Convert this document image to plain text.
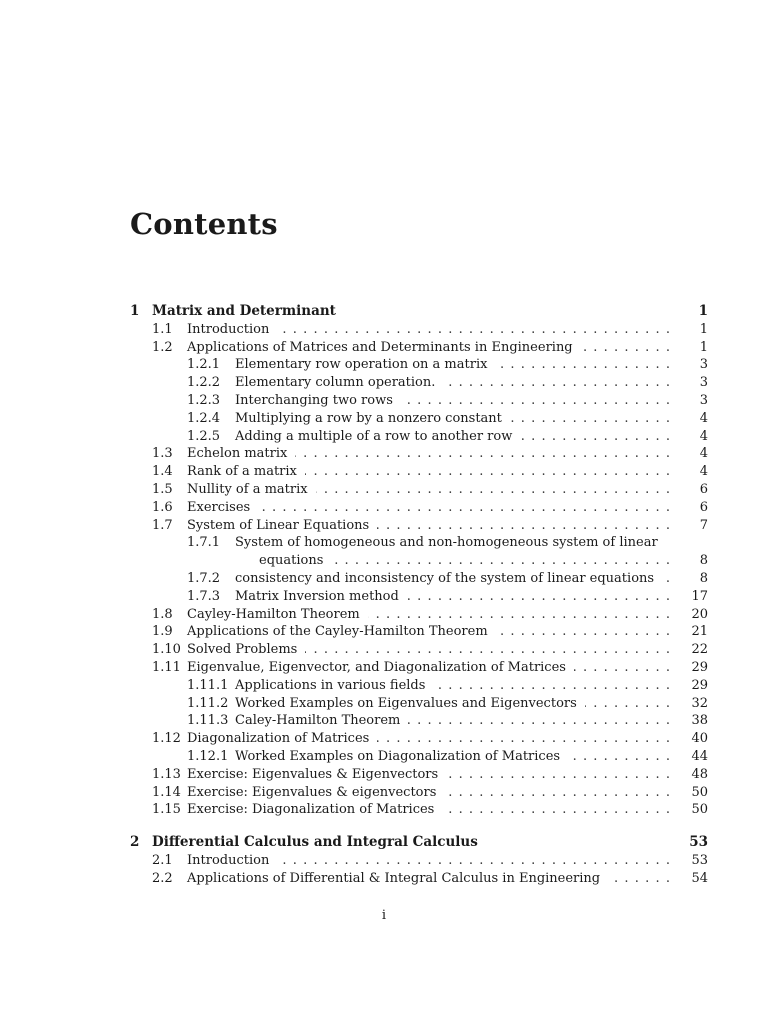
Contents
1 Matrix and Determinant	1
1.1 Introduction . . .	1
1.2 Applications of Matrices and Determinants in Engineering . . .	1
1.2.1 Elementary row operation on a matrix . . .	3
1.2.2 Elementary column operation. . . .	3
1.2.3 Interchanging two rows . . .	3
1.2.4 Multiplying a row by a nonzero constant . . .	4
1.2.5 Adding a multiple of a row to another row . . .	4
1.3 Echelon matrix . . .	4
1.4 Rank of a matrix . . .	4
1.5 Nullity of a matrix . . .	6
1.6 Exercises . . .	6
1.7 System of Linear Equations . . .	7
1.7.1 System of homogeneous and non-homogeneous system of linear
equations . . .	8
1.7.2 consistency and inconsistency of the system of linear equations . . .	8
1.7.3 Matrix Inversion method . . .	17
1.8 Cayley-Hamilton Theorem . . .	20
1.9 Applications of the Cayley-Hamilton Theorem . . .	21
1.10 Solved Problems . . .	22
1.11 Eigenvalue, Eigenvector, and Diagonalization of Matrices . . .	29
1.11.1 Applications in various fields . . .	29
1.11.2 Worked Examples on Eigenvalues and Eigenvectors . . .	32
1.11.3 Caley-Hamilton Theorem . . .	38
1.12 Diagonalization of Matrices . . .	40
1.12.1 Worked Examples on Diagonalization of Matrices . . .	44
1.13 Exercise: Eigenvalues & Eigenvectors . . .	48
1.14 Exercise: Eigenvalues & eigenvectors . . .	50
1.15 Exercise: Diagonalization of Matrices . . .	50
2 Differential Calculus and Integral Calculus	53
2.1 Introduction . . .	53
2.2 Applications of Differential & Integral Calculus in Engineering . . .	54
i
